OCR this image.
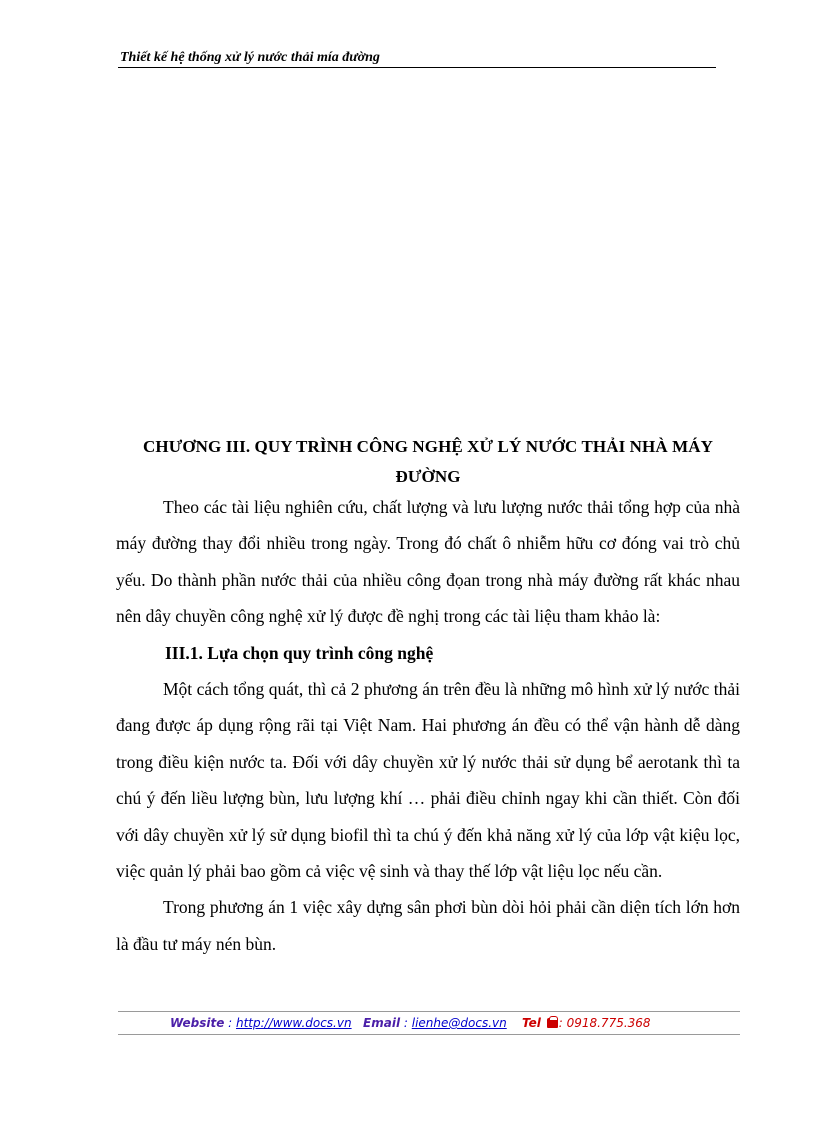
Thiết kế hệ thống xử lý nước thải mía đường
CHƯƠNG III. QUY TRÌNH CÔNG NGHỆ XỬ LÝ NƯỚC THẢI NHÀ MÁY ĐƯỜNG

Theo các tài liệu nghiên cứu, chất lượng và lưu lượng nước thải tổng hợp của nhà máy đường thay đổi nhiều trong ngày. Trong đó chất ô nhiễm hữu cơ đóng vai trò chủ yếu. Do thành phần nước thải của nhiều công đọan trong nhà máy đường rất khác nhau nên dây chuyền công nghệ xử lý được đề nghị trong các tài liệu tham khảo là:

III.1. Lựa chọn quy trình công nghệ

Một cách tổng quát, thì cả 2 phương án trên đều là những mô hình xử lý nước thải đang được áp dụng rộng rãi tại Việt Nam. Hai phương án đều có thể vận hành dễ dàng trong điều kiện nước ta. Đối với dây chuyền xử lý nước thải sử dụng bể aerotank thì ta chú ý đến liều lượng bùn, lưu lượng khí … phải điều chỉnh ngay khi cần thiết. Còn đối với dây chuyền xử lý sử dụng biofil thì ta chú ý đến khả năng xử lý của lớp vật kiệu lọc, việc quản lý phải bao gồm cả việc vệ sinh và thay thế lớp vật liệu lọc nếu cần.

Trong phương án 1 việc xây dựng sân phơi bùn dòi hỏi phải cần diện tích lớn hơn là đầu tư máy nén bùn.

Website : http://www.docs.vn Email : lienhe@docs.vn Tel : 0918.775.368
